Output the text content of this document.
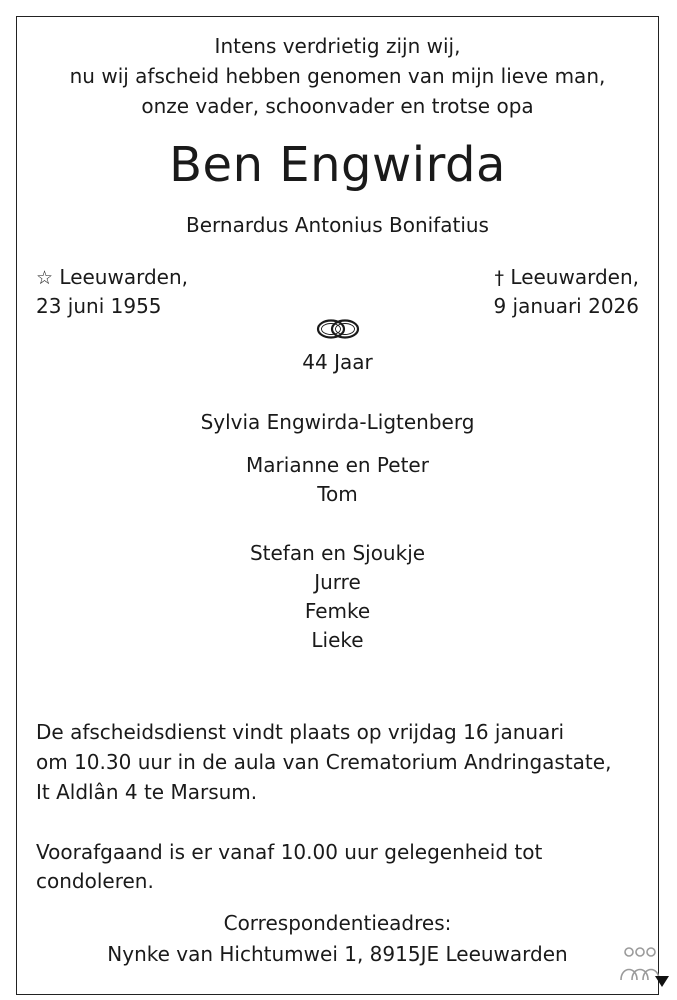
Intens verdrietig zijn wij,
nu wij afscheid hebben genomen van mijn lieve man,
onze vader, schoonvader en trotse opa
Ben Engwirda
Bernardus Antonius Bonifatius
☆ Leeuwarden,
23 juni 1955
† Leeuwarden,
9 januari 2026
44 Jaar
Sylvia Engwirda-Ligtenberg
Marianne en Peter
Tom
Stefan en Sjoukje
Jurre
Femke
Lieke
De afscheidsdienst vindt plaats op vrijdag 16 januari
om 10.30 uur in de aula van Crematorium Andringastate,
It Aldlân 4 te Marsum.
Voorafgaand is er vanaf 10.00 uur gelegenheid tot
condoleren.
Correspondentieadres:
Nynke van Hichtumwei 1, 8915JE Leeuwarden
